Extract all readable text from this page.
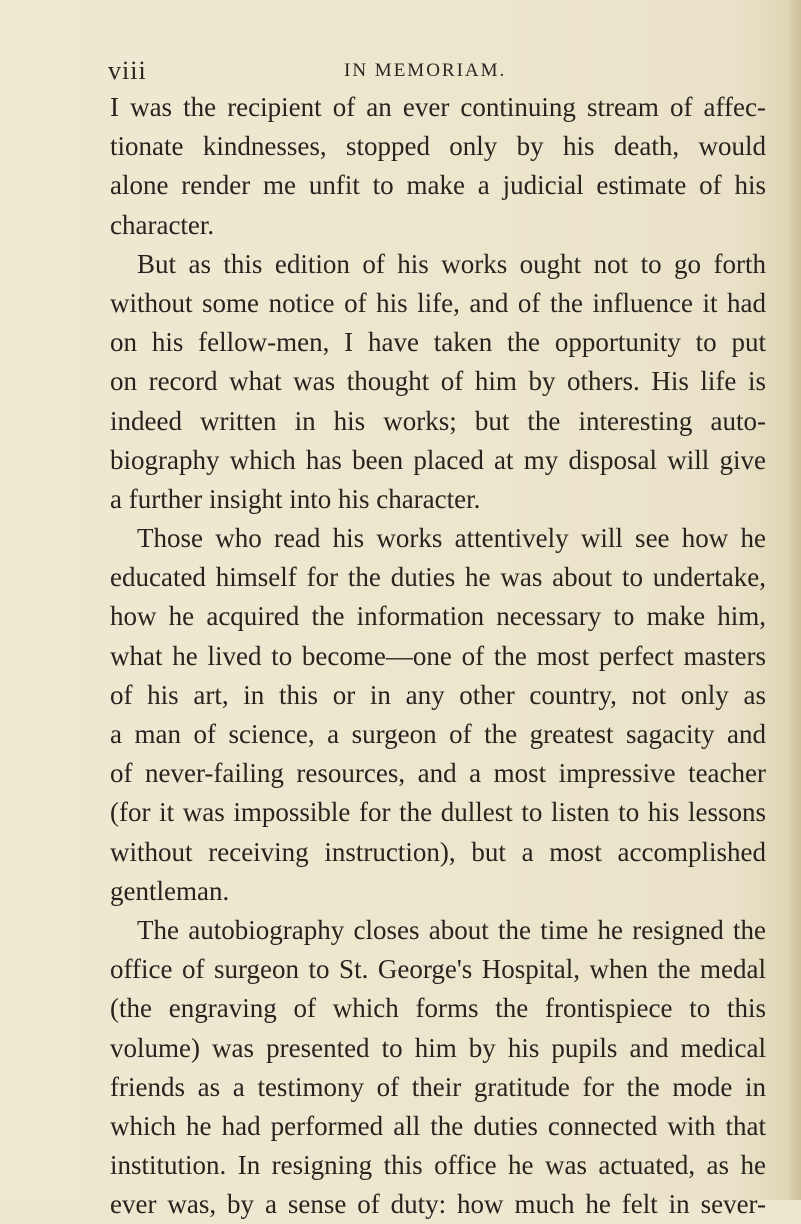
viii	IN MEMORIAM.
I was the recipient of an ever continuing stream of affec-
tionate kindnesses, stopped only by his death, would
alone render me unfit to make a judicial estimate of his
character.
But as this edition of his works ought not to go forth
without some notice of his life, and of the influence it had
on his fellow-men, I have taken the opportunity to put
on record what was thought of him by others. His life is
indeed written in his works; but the interesting auto-
biography which has been placed at my disposal will give
a further insight into his character.
Those who read his works attentively will see how he
educated himself for the duties he was about to undertake,
how he acquired the information necessary to make him,
what he lived to become—one of the most perfect masters
of his art, in this or in any other country, not only as
a man of science, a surgeon of the greatest sagacity and
of never-failing resources, and a most impressive teacher
(for it was impossible for the dullest to listen to his lessons
without receiving instruction), but a most accomplished
gentleman.
The autobiography closes about the time he resigned the
office of surgeon to St. George's Hospital, when the medal
(the engraving of which forms the frontispiece to this
volume) was presented to him by his pupils and medical
friends as a testimony of their gratitude for the mode in
which he had performed all the duties connected with that
institution. In resigning this office he was actuated, as he
ever was, by a sense of duty: how much he felt in sever-
